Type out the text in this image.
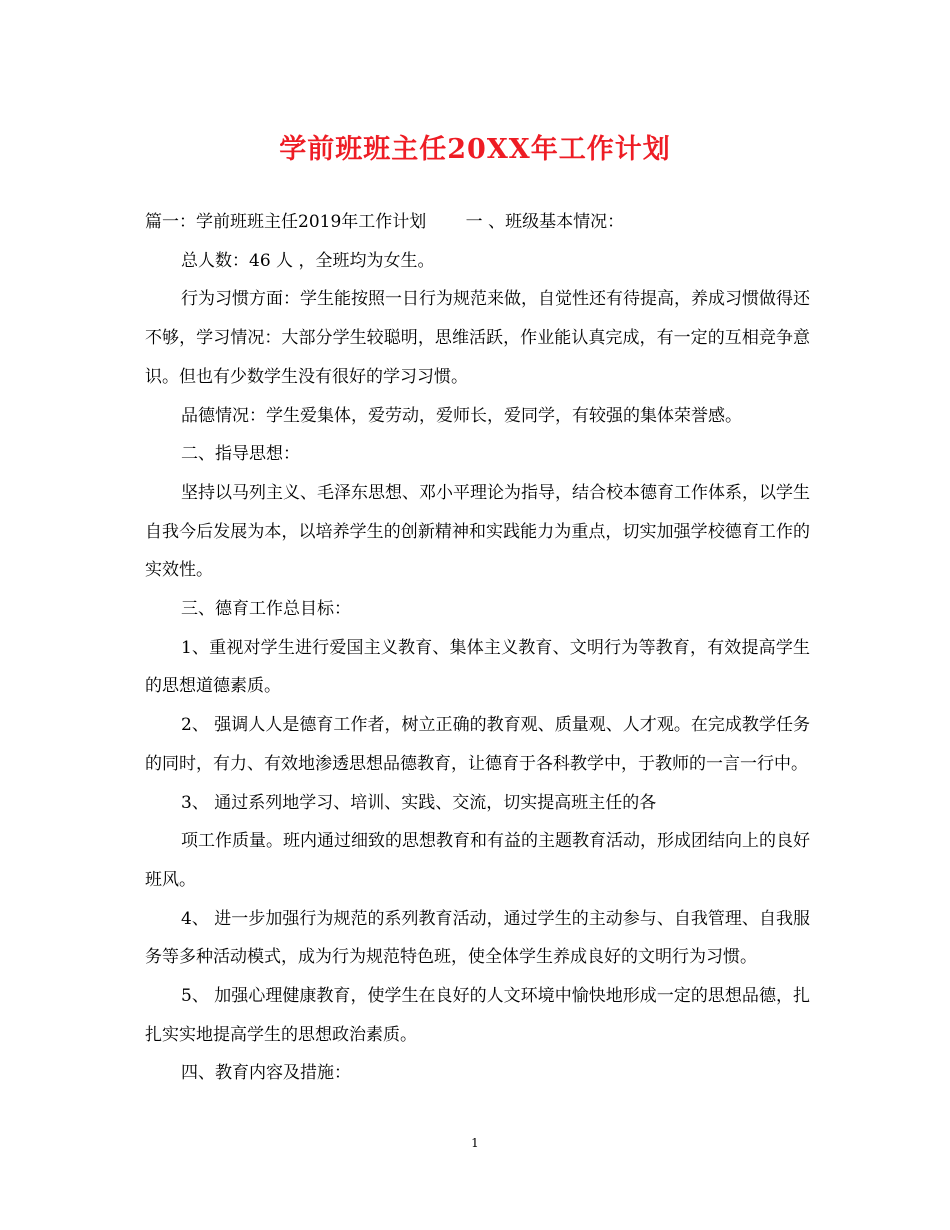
学前班班主任20XX年工作计划

篇一：学前班班主任2019年工作计划　　 一 、班级基本情况：

总人数：46 人 ，全班均为女生。

行为习惯方面：学生能按照一日行为规范来做，自觉性还有待提高，养成习惯做得还不够，学习情况：大部分学生较聪明，思维活跃，作业能认真完成，有一定的互相竞争意识。但也有少数学生没有很好的学习习惯。

品德情况：学生爱集体，爱劳动，爱师长，爱同学，有较强的集体荣誉感。

二、指导思想：

坚持以马列主义、毛泽东思想、邓小平理论为指导，结合校本德育工作体系，以学生自我今后发展为本，以培养学生的创新精神和实践能力为重点，切实加强学校德育工作的实效性。

三、德育工作总目标：

1、重视对学生进行爱国主义教育、集体主义教育、文明行为等教育，有效提高学生的思想道德素质。

2、 强调人人是德育工作者，树立正确的教育观、质量观、人才观。在完成教学任务的同时，有力、有效地渗透思想品德教育，让德育于各科教学中，于教师的一言一行中。

3、 通过系列地学习、培训、实践、交流，切实提高班主任的各

项工作质量。班内通过细致的思想教育和有益的主题教育活动，形成团结向上的良好班风。

4、 进一步加强行为规范的系列教育活动，通过学生的主动参与、自我管理、自我服务等多种活动模式，成为行为规范特色班，使全体学生养成良好的文明行为习惯。

5、 加强心理健康教育，使学生在良好的人文环境中愉快地形成一定的思想品德，扎扎实实地提高学生的思想政治素质。

四、教育内容及措施：

1
